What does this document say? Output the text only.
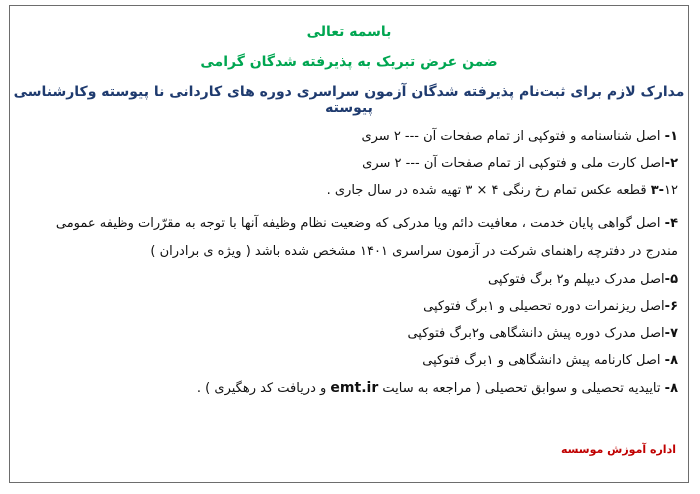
باسمه تعالی
ضمن عرض تبریک به پذیرفته شدگان گرامی
مدارک لازم برای ثبت‌نام پذیرفته شدگان آزمون سراسری دوره های کاردانی نا پیوسته وکارشناسی پیوسته
۱- اصل شناسنامه و فتوکپی از تمام صفحات آن --- ۲ سری
۲-اصل کارت ملی و فتوکپی از تمام صفحات آن --- ۲ سری
۳-۱۲ قطعه عکس تمام رخ رنگی ۴ × ۳ تهیه شده در سال جاری .
۴- اصل گواهی پایان خدمت ، معافیت دائم ویا مدرکی که وضعیت نظام وظیفه آنها با توجه به مقرّرات وظیفه عمومی مندرج در دفترچه راهنمای شرکت در آزمون سراسری ۱۴۰۱ مشخص شده باشد ( ویژه ی برادران )
۵-اصل مدرک دیپلم و۲ برگ فتوکپی
۶-اصل ریزنمرات دوره تحصیلی و ۱برگ فتوکپی
۷-اصل مدرک دوره پیش دانشگاهی و۲برگ فتوکپی
۸- اصل کارنامه پیش دانشگاهی و ۱برگ فتوکپی
۸- تاییدیه تحصیلی و سوابق تحصیلی ( مراجعه به سایت emt.ir و دریافت کد رهگیری ) .
اداره آموزش موسسه
